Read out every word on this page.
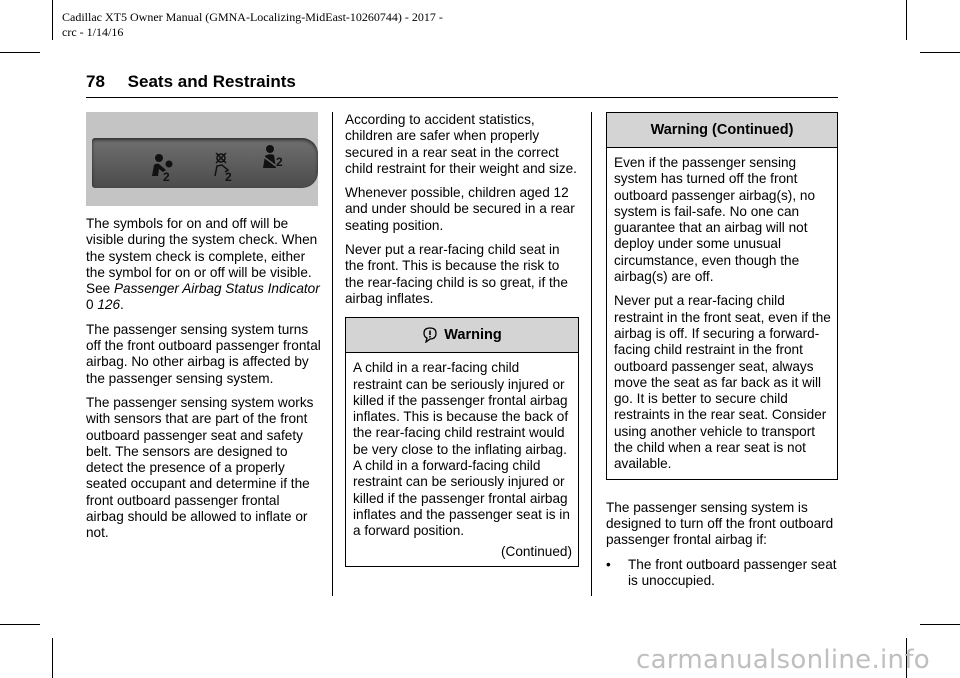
Cadillac XT5 Owner Manual (GMNA-Localizing-MidEast-10260744) - 2017 -
crc - 1/14/16
78 Seats and Restraints
2	2
2

The symbols for on and off will be visible during the system check. When the system check is complete, either the symbol for on or off will be visible. See Passenger Airbag Status Indicator 0 126.

The passenger sensing system turns off the front outboard passenger frontal airbag. No other airbag is affected by the passenger sensing system.

The passenger sensing system works with sensors that are part of the front outboard passenger seat and safety belt. The sensors are designed to detect the presence of a properly seated occupant and determine if the front outboard passenger frontal airbag should be allowed to inflate or not.

According to accident statistics, children are safer when properly secured in a rear seat in the correct child restraint for their weight and size.

Whenever possible, children aged 12 and under should be secured in a rear seating position.

Never put a rear-facing child seat in the front. This is because the risk to the rear-facing child is so great, if the airbag inflates.

Warning

A child in a rear-facing child restraint can be seriously injured or killed if the passenger frontal airbag inflates. This is because the back of the rear-facing child restraint would be very close to the inflating airbag. A child in a forward-facing child restraint can be seriously injured or killed if the passenger frontal airbag inflates and the passenger seat is in a forward position.

(Continued)
Warning (Continued)

Even if the passenger sensing system has turned off the front outboard passenger airbag(s), no system is fail-safe. No one can guarantee that an airbag will not deploy under some unusual circumstance, even though the airbag(s) are off.

Never put a rear-facing child restraint in the front seat, even if the airbag is off. If securing a forward-facing child restraint in the front outboard passenger seat, always move the seat as far back as it will go. It is better to secure child restraints in the rear seat. Consider using another vehicle to transport the child when a rear seat is not available.

The passenger sensing system is designed to turn off the front outboard passenger frontal airbag if:

•	The front outboard passenger seat is unoccupied.
carmanualsonline.info
